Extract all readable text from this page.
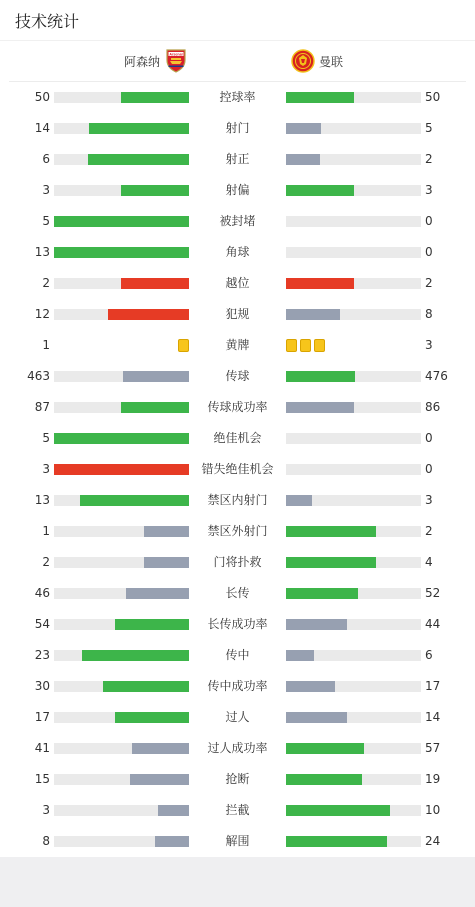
技术统计
阿森纳
Arsenal
曼联
50	控球率	50
14	射门	5
6	射正	2
3	射偏	3
5	被封堵	0
13	角球	0
2	越位	2
12	犯规	8
1	黄牌	3
463	传球	476
87	传球成功率	86
5	绝佳机会	0
3	错失绝佳机会	0
13	禁区内射门	3
1	禁区外射门	2
2	门将扑救	4
46	长传	52
54	长传成功率	44
23	传中	6
30	传中成功率	17
17	过人	14
41	过人成功率	57
15	抢断	19
3	拦截	10
8	解围	24
